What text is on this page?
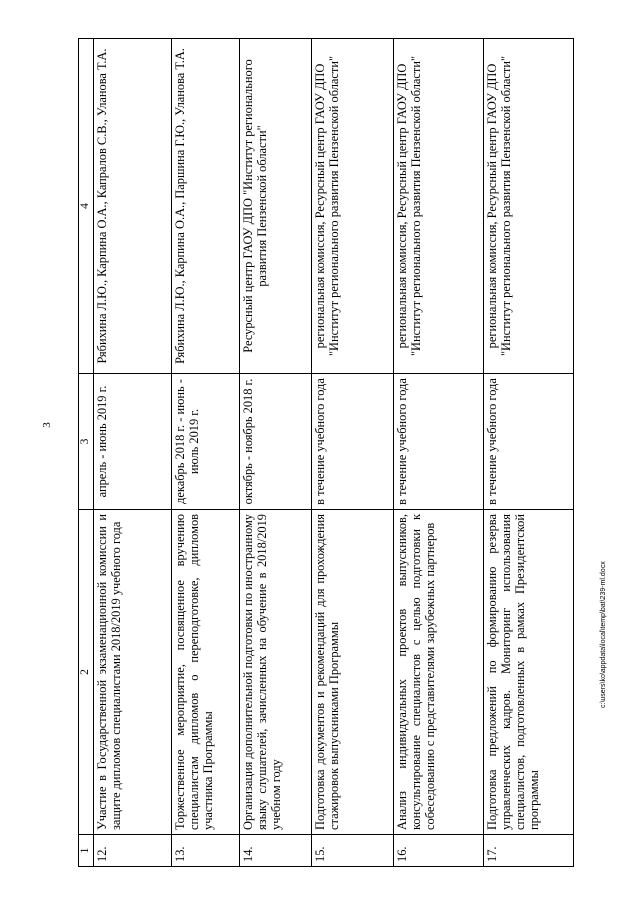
3
1	2	3	4
12.	Участие в Государственной экзаменационной комиссии и защите дипломов специалистами 2018/2019 учебного года	апрель - июнь 2019 г.	Рябихина Л.Ю., Карпина О.А., Капралов С.В., Уланова Т.А.
13.	Торжественное мероприятие, посвященное вручению специалистам дипломов о переподготовке, дипломов участника Программы	декабрь 2018 г. - июнь - июль 2019 г.	Рябихина Л.Ю., Карпина О.А., Паршина Г.Ю., Уланова Т.А.
14.	Организация дополнительной подготовки по иностранному языку слушателей, зачисленных на обучение в 2018/2019 учебном году	октябрь - ноябрь 2018 г.	Ресурсный центр ГАОУ ДПО "Институт регионального развития Пензенской области"
15.	Подготовка документов и рекомендаций для прохождения стажировок выпускниками Программы	в течение учебного года	региональная комиссия, Ресурсный центр ГАОУ ДПО "Институт регионального развития Пензенской области"
16.	Анализ индивидуальных проектов выпускников, консультирование специалистов с целью подготовки к собеседованию с представителями зарубежных партнеров	в течение учебного года	региональная комиссия, Ресурсный центр ГАОУ ДПО "Институт регионального развития Пензенской области"
17.	Подготовка предложений по формированию резерва управленческих кадров. Мониторинг использования специалистов, подготовленных в рамках Президентской программы	в течение учебного года	региональная комиссия, Ресурсный центр ГАОУ ДПО "Институт регионального развития Пензенской области"
c:\users\ko\appdata\local\temp\bat\239-ml.docx
